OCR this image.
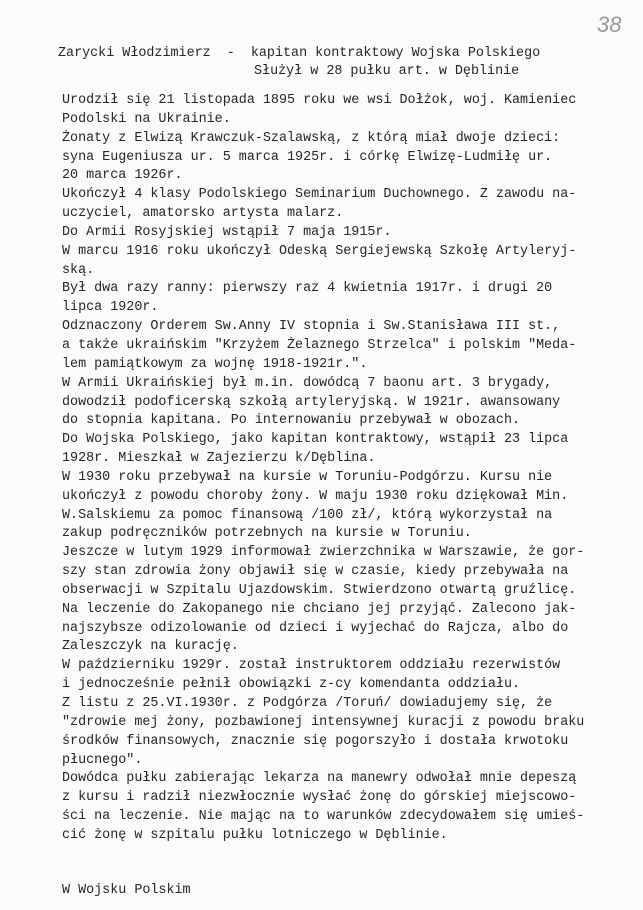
38
Zarycki Włodzimierz  -  kapitan kontraktowy Wojska Polskiego
Służył w 28 pułku art. w Dęblinie
Urodził się 21 listopada 1895 roku we wsi Dołżok, woj. Kamieniec
Podolski na Ukrainie.
Żonaty z Elwizą Krawczuk-Szalawską, z którą miał dwoje dzieci:
syna Eugeniusza ur. 5 marca 1925r. i córkę Elwizę-Ludmiłę ur.
20 marca 1926r.
Ukończył 4 klasy Podolskiego Seminarium Duchownego. Z zawodu na-
uczyciel, amatorsko artysta malarz.
Do Armii Rosyjskiej wstąpił 7 maja 1915r.
W marcu 1916 roku ukończył Odeską Sergiejewską Szkołę Artyleryj-
ską.
Był dwa razy ranny: pierwszy raz 4 kwietnia 1917r. i drugi 20
lipca 1920r.
Odznaczony Orderem Sw.Anny IV stopnia i Sw.Stanisława III st.,
a także ukraińskim "Krzyżem Żelaznego Strzelca" i polskim "Meda-
lem pamiątkowym za wojnę 1918-1921r.".
W Armii Ukraińskiej był m.in. dowódcą 7 baonu art. 3 brygady,
dowodził podoficerską szkołą artyleryjską. W 1921r. awansowany
do stopnia kapitana. Po internowaniu przebywał w obozach.
Do Wojska Polskiego, jako kapitan kontraktowy, wstąpił 23 lipca
1928r. Mieszkał w Zajezierzu k/Dęblina.
W 1930 roku przebywał na kursie w Toruniu-Podgórzu. Kursu nie
ukończył z powodu choroby żony. W maju 1930 roku dziękował Min.
W.Salskiemu za pomoc finansową /100 zł/, którą wykorzystał na
zakup podręczników potrzebnych na kursie w Toruniu.
Jeszcze w lutym 1929 informował zwierzchnika w Warszawie, że gor-
szy stan zdrowia żony objawił się w czasie, kiedy przebywała na
obserwacji w Szpitalu Ujazdowskim. Stwierdzono otwartą gruźlicę.
Na leczenie do Zakopanego nie chciano jej przyjąć. Zalecono jak-
najszybsze odizolowanie od dzieci i wyjechać do Rajcza, albo do
Zaleszczyk na kurację.
W październiku 1929r. został instruktorem oddziału rezerwistów
i jednocześnie pełnił obowiązki z-cy komendanta oddziału.
Z listu z 25.VI.1930r. z Podgórza /Toruń/ dowiadujemy się, że
"zdrowie mej żony, pozbawionej intensywnej kuracji z powodu braku
środków finansowych, znacznie się pogorszyło i dostała krwotoku
płucnego".
Dowódca pułku zabierając lekarza na manewry odwołał mnie depeszą
z kursu i radził niezwłocznie wysłać żonę do górskiej miejscowo-
ści na leczenie. Nie mając na to warunków zdecydowałem się umieś-
cić żonę w szpitalu pułku lotniczego w Dęblinie.
W Wojsku Polskim
